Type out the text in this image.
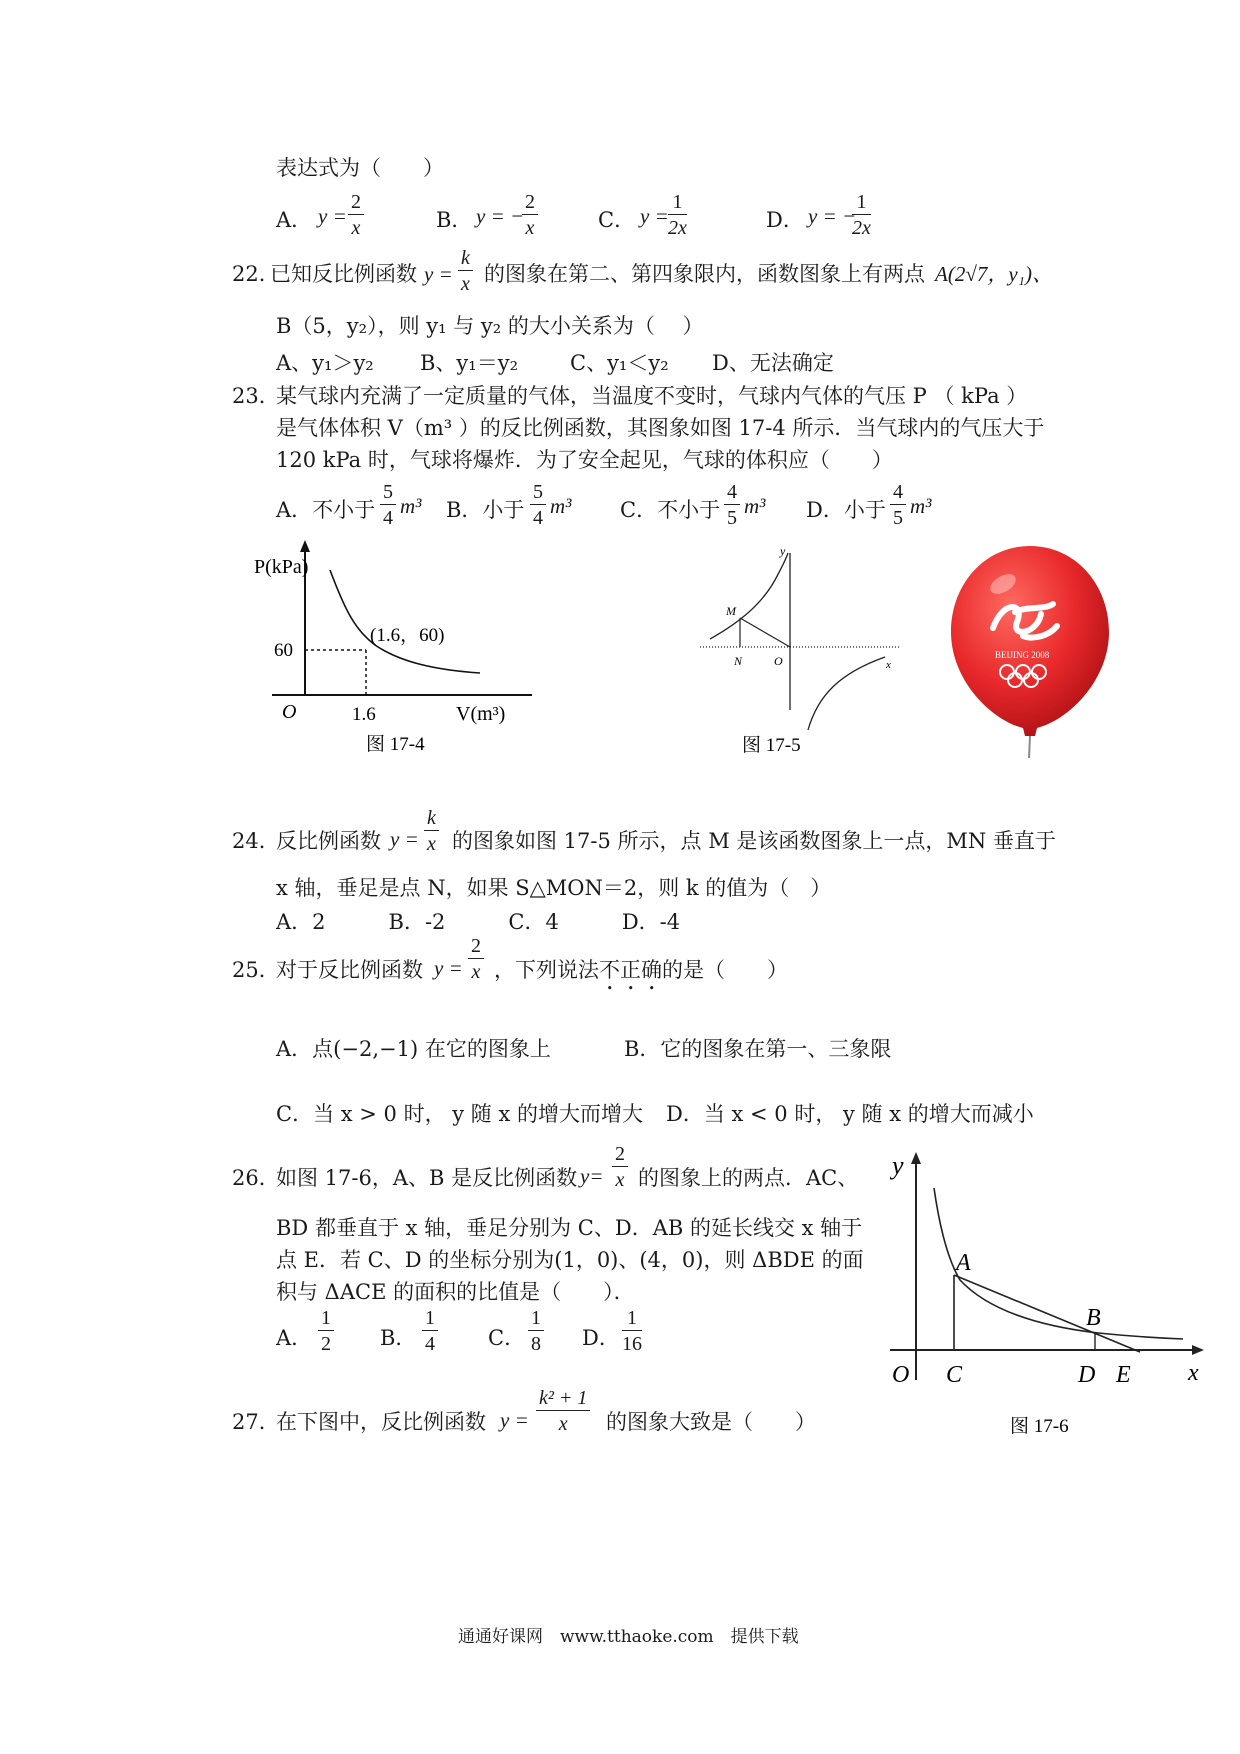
表达式为（　　）
A． $y = \frac{2}{x}$	B． y = −
$\frac{2}{x}$	C． $y = \frac{1}{2x}$	D． y = −
$\frac{1}{2x}$
22．
已知反比例函数 $y = \frac{k}{x}$ 的图象在第二、第四象限内，函数图象上有两点 A(2√7，y₁)、
B（5，y₂），则 y₁ 与 y₂ 的大小关系为（　 ）
A、y₁＞y₂ B、y₁＝y₂ C、y₁＜y₂ D、无法确定
23．
某气球内充满了一定质量的气体，当温度不变时，气球内气体的气压 P （ kPa ）
是气体体积 V（m³ ）的反比例函数，其图象如图 17-4 所示．当气球内的气压大于
120 kPa 时，气球将爆炸．为了安全起见，气球的体积应（　　）
A．不小于 $\frac{5}{4} m^3$ B．小于 $\frac{5}{4} m^3$ C．不小于 $\frac{4}{5} m^3$ D．小于 $\frac{4}{5} m^3$
P(kPa)
(1.6，60)
60
O	1.6	V(m³)
图 17-4
y
M
N	O	x
图 17-5
BEIJING 2008
24．
反比例函数 $y = \frac{k}{x}$ 的图象如图 17-5 所示，点 M 是该函数图象上一点，MN 垂直于
x 轴，垂足是点 N，如果 S△MON＝2，则 k 的值为（　）
A．2　　　B．-2　　　C．4　　　D．-4
25．
对于反比例函数 $y = \frac{2}{x}$ ，下列说法不正确的是（　　）
A．点(−2,−1) 在它的图象上	B．它的图象在第一、三象限
C．当 x > 0 时， y 随 x 的增大而增大 D．当 x < 0 时， y 随 x 的增大而减小
26．
如图 17-6，A、B 是反比例函数 $y= \frac{2}{x}$ 的图象上的两点．AC、
BD 都垂直于 x 轴，垂足分别为 C、D．AB 的延长线交 x 轴于
点 E．若 C、D 的坐标分别为(1，0)、(4，0)，则 ΔBDE 的面
积与 ΔACE 的面积的比值是（　　）．
A． $\frac{1}{2}$ B． $\frac{1}{4}$ C． $\frac{1}{8}$ D． $\frac{1}{16}$
y
A
B
O C	D E x
图 17-6
27．
在下图中，反比例函数 $y = \frac{\text{k² + 1}}{x}$ 的图象大致是（　　）
通通好课网　www.tthaoke.com　提供下载
